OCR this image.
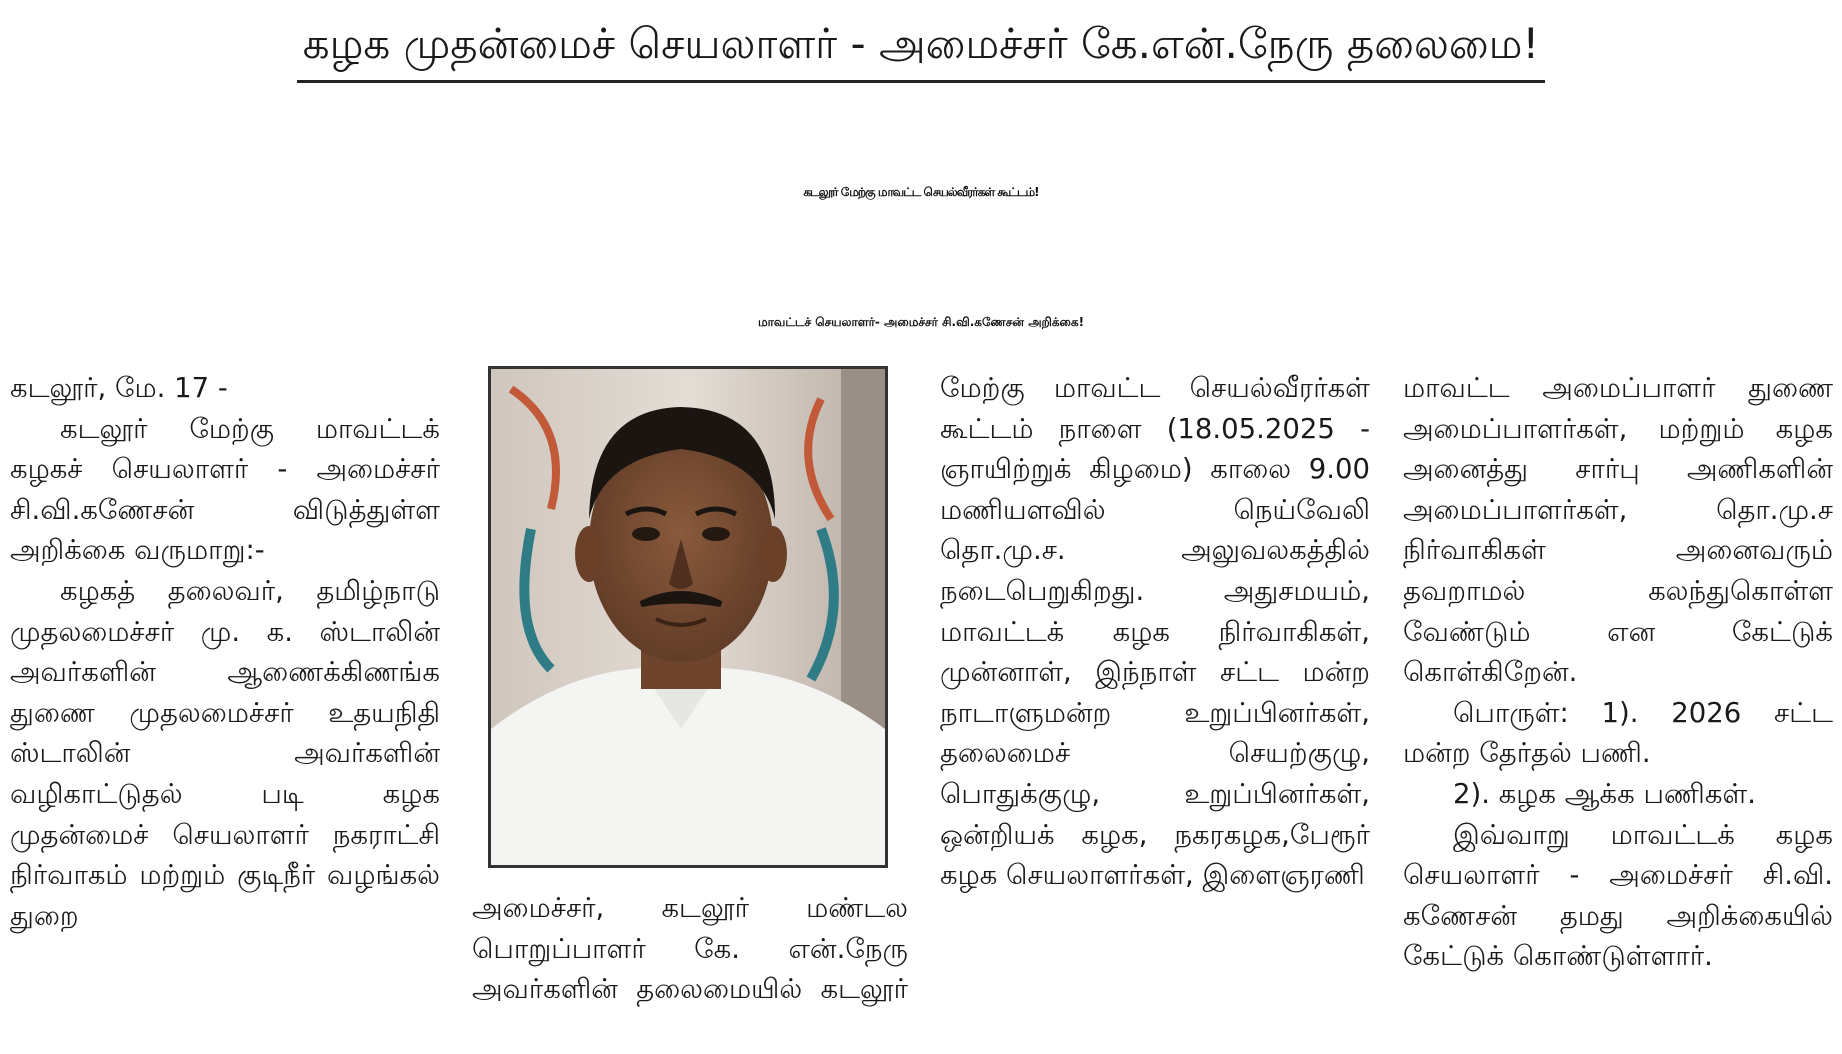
கழக முதன்மைச் செயலாளர் - அமைச்சர் கே.என்.நேரு தலைமை!
கடலூர் மேற்கு மாவட்ட செயல்வீரர்கள் கூட்டம்!
மாவட்டச் செயலாளர்- அமைச்சர் சி.வி.கணேசன் அறிக்கை!

கடலூர், மே. 17 -

கடலூர் மேற்கு மாவட்டக் கழகச் செயலாளர் - அமைச்சர் சி.வி.கணேசன் விடுத்துள்ள அறிக்கை வருமாறு:-

கழகத் தலைவர், தமிழ்நாடு முதலமைச்சர் மு. க. ஸ்டாலின் அவர்களின் ஆணைக்கிணங்க துணை முதலமைச்சர் உதயநிதி ஸ்டாலின் அவர்களின் வழிகாட்டுதல் படி கழக முதன்மைச் செயலாளர் நகராட்சி நிர்வாகம் மற்றும் குடிநீர் வழங்கல் துறை	அமைச்சர், கடலூர் மண்டல பொறுப்பாளர் கே. என்.நேரு அவர்களின் தலைமையில் கடலூர்

மேற்கு மாவட்ட செயல்வீரர்கள் கூட்டம் நாளை (18.05.2025 - ஞாயிற்றுக் கிழமை) காலை 9.00 மணியளவில் நெய்வேலி தொ.மு.ச. அலுவலகத்தில் நடைபெறுகிறது. அதுசமயம், மாவட்டக் கழக நிர்வாகிகள், முன்னாள், இந்நாள் சட்ட மன்ற நாடாளுமன்ற உறுப்பினர்கள், தலைமைச் செயற்குழு, பொதுக்குழு, உறுப்பினர்கள், ஒன்றியக் கழக, நகரகழக,பேரூர் கழக செயலாளர்கள், இளைஞரணி

மாவட்ட அமைப்பாளர் துணை அமைப்பாளர்கள், மற்றும் கழக அனைத்து சார்பு அணிகளின் அமைப்பாளர்கள், தொ.மு.ச நிர்வாகிகள் அனைவரும் தவறாமல் கலந்துகொள்ள வேண்டும் என கேட்டுக் கொள்கிறேன்.

பொருள்: 1). 2026 சட்ட மன்ற தேர்தல் பணி.

2). கழக ஆக்க பணிகள்.

இவ்வாறு மாவட்டக் கழக செயலாளர் - அமைச்சர் சி.வி. கணேசன் தமது அறிக்கையில் கேட்டுக் கொண்டுள்ளார்.
